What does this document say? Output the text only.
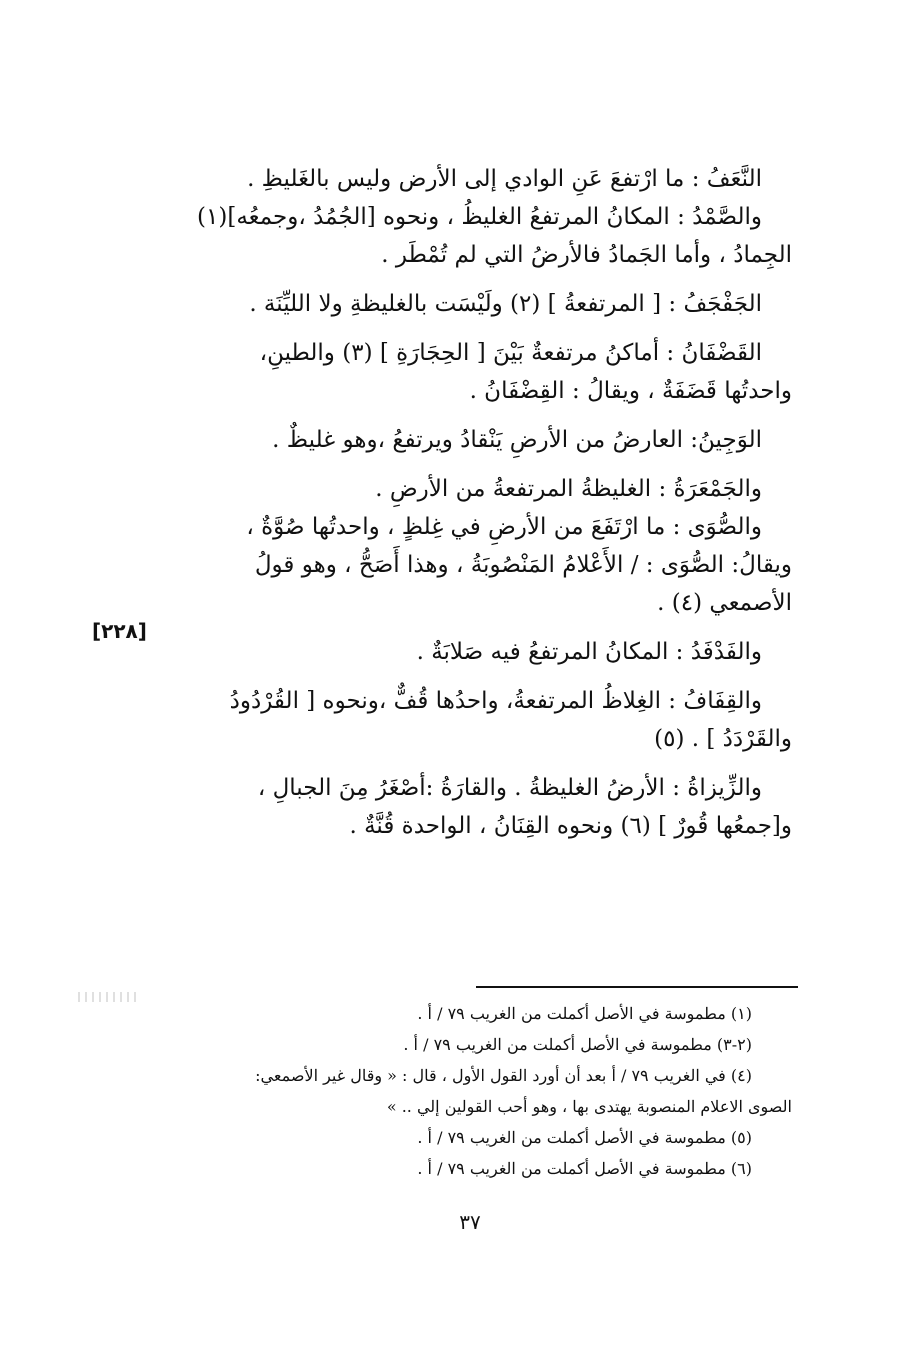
النَّعَفُ : ما ارْتفعَ عَنِ الوادي إلى الأرض وليس بالغَليظِ .
والصَّمْدُ : المكانُ المرتفعُ الغليظُ ، ونحوه [الجُمُدُ ،وجمعُه](١)
الجِمادُ ، وأما الجَمادُ فالأرضُ التي لم تُمْطَر .
الجَفْجَفُ : [ المرتفعةُ ] (٢) ولَيْسَت بالغليظةِ ولا الليِّنَة .
القَضْفَانُ : أماكنُ مرتفعةٌ بَيْنَ [ الحِجَارَةِ ] (٣) والطينِ،
واحدتُها قَضَفَةٌ ، ويقالُ : القِضْفَانُ .
الوَجِينُ: العارضُ من الأرضِ يَنْقادُ ويرتفعُ ،وهو غليظٌ .
والجَمْعَرَةُ : الغليظةُ المرتفعةُ من الأرضِ .
والصُّوَى : ما ارْتَفَعَ من الأرضِ في غِلظٍ ، واحدتُها صُوَّةٌ ،
ويقالُ: الصُّوَى : / الأَعْلامُ المَنْصُوبَةُ ، وهذا أَصَحُّ ، وهو قولُ
الأصمعي (٤) .
والفَدْفَدُ : المكانُ المرتفعُ فيه صَلابَةٌ .
والقِفَافُ : الغِلاظُ المرتفعةُ، واحدُها قُفٌّ ،ونحوه [ القُرْدُودُ
والقَرْدَدُ ] . (٥)
والزِّيزاةُ : الأرضُ الغليظةُ . والقارَةُ :أصْغَرُ مِنَ الجبالِ ،
و[جمعُها قُورٌ ] (٦) ونحوه القِنَانُ ، الواحدة قُنَّةٌ .
[٢٢٨]
(١) مطموسة في الأصل أكملت من الغريب ٧٩ / أ .
(٢-٣) مطموسة في الأصل أكملت من الغريب ٧٩ / أ .
(٤) في الغريب ٧٩ / أ بعد أن أورد القول الأول ، قال : « وقال غير الأصمعي:
الصوى الاعلام المنصوبة يهتدى بها ، وهو أحب القولين إلي .. »
(٥) مطموسة في الأصل أكملت من الغريب ٧٩ / أ .
(٦) مطموسة في الأصل أكملت من الغريب ٧٩ / أ .
٣٧
